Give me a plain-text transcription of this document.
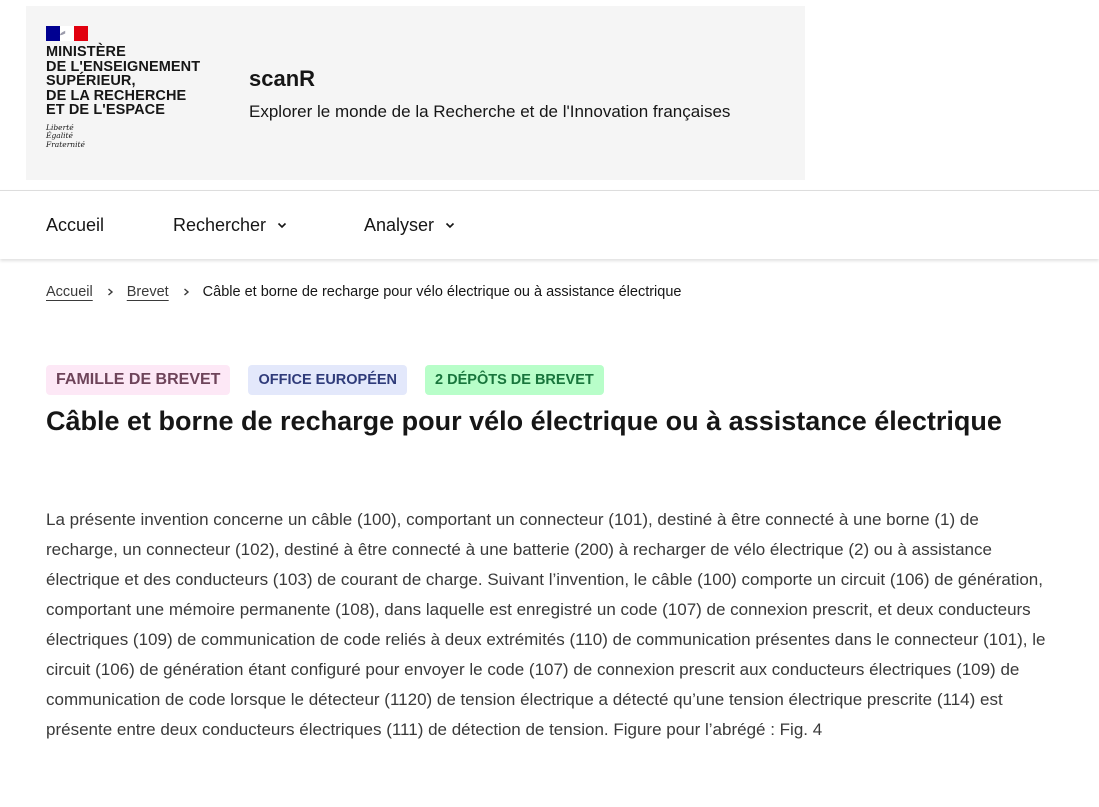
MINISTÈRE
DE L'ENSEIGNEMENT
SUPÉRIEUR,
DE LA RECHERCHE
ET DE L'ESPACE
Liberté
Égalité
Fraternité
scanR
Explorer le monde de la Recherche et de l'Innovation françaises
Accueil	Rechercher	Analyser
Accueil Brevet Câble et borne de recharge pour vélo électrique ou à assistance électrique
FAMILLE DE BREVET	OFFICE EUROPÉEN	2 DÉPÔTS DE BREVET
Câble et borne de recharge pour vélo électrique ou à assistance électrique

La présente invention concerne un câble (100), comportant un connecteur (101), destiné à être connecté à une borne (1) de recharge, un connecteur (102), destiné à être connecté à une batterie (200) à recharger de vélo électrique (2) ou à assistance électrique et des conducteurs (103) de courant de charge. Suivant l’invention, le câble (100) comporte un circuit (106) de génération, comportant une mémoire permanente (108), dans laquelle est enregistré un code (107) de connexion prescrit, et deux conducteurs électriques (109) de communication de code reliés à deux extrémités (110) de communication présentes dans le connecteur (101), le circuit (106) de génération étant configuré pour envoyer le code (107) de connexion prescrit aux conducteurs électriques (109) de communication de code lorsque le détecteur (1120) de tension électrique a détecté qu’une tension électrique prescrite (114) est présente entre deux conducteurs électriques (111) de détection de tension. Figure pour l’abrégé : Fig. 4
